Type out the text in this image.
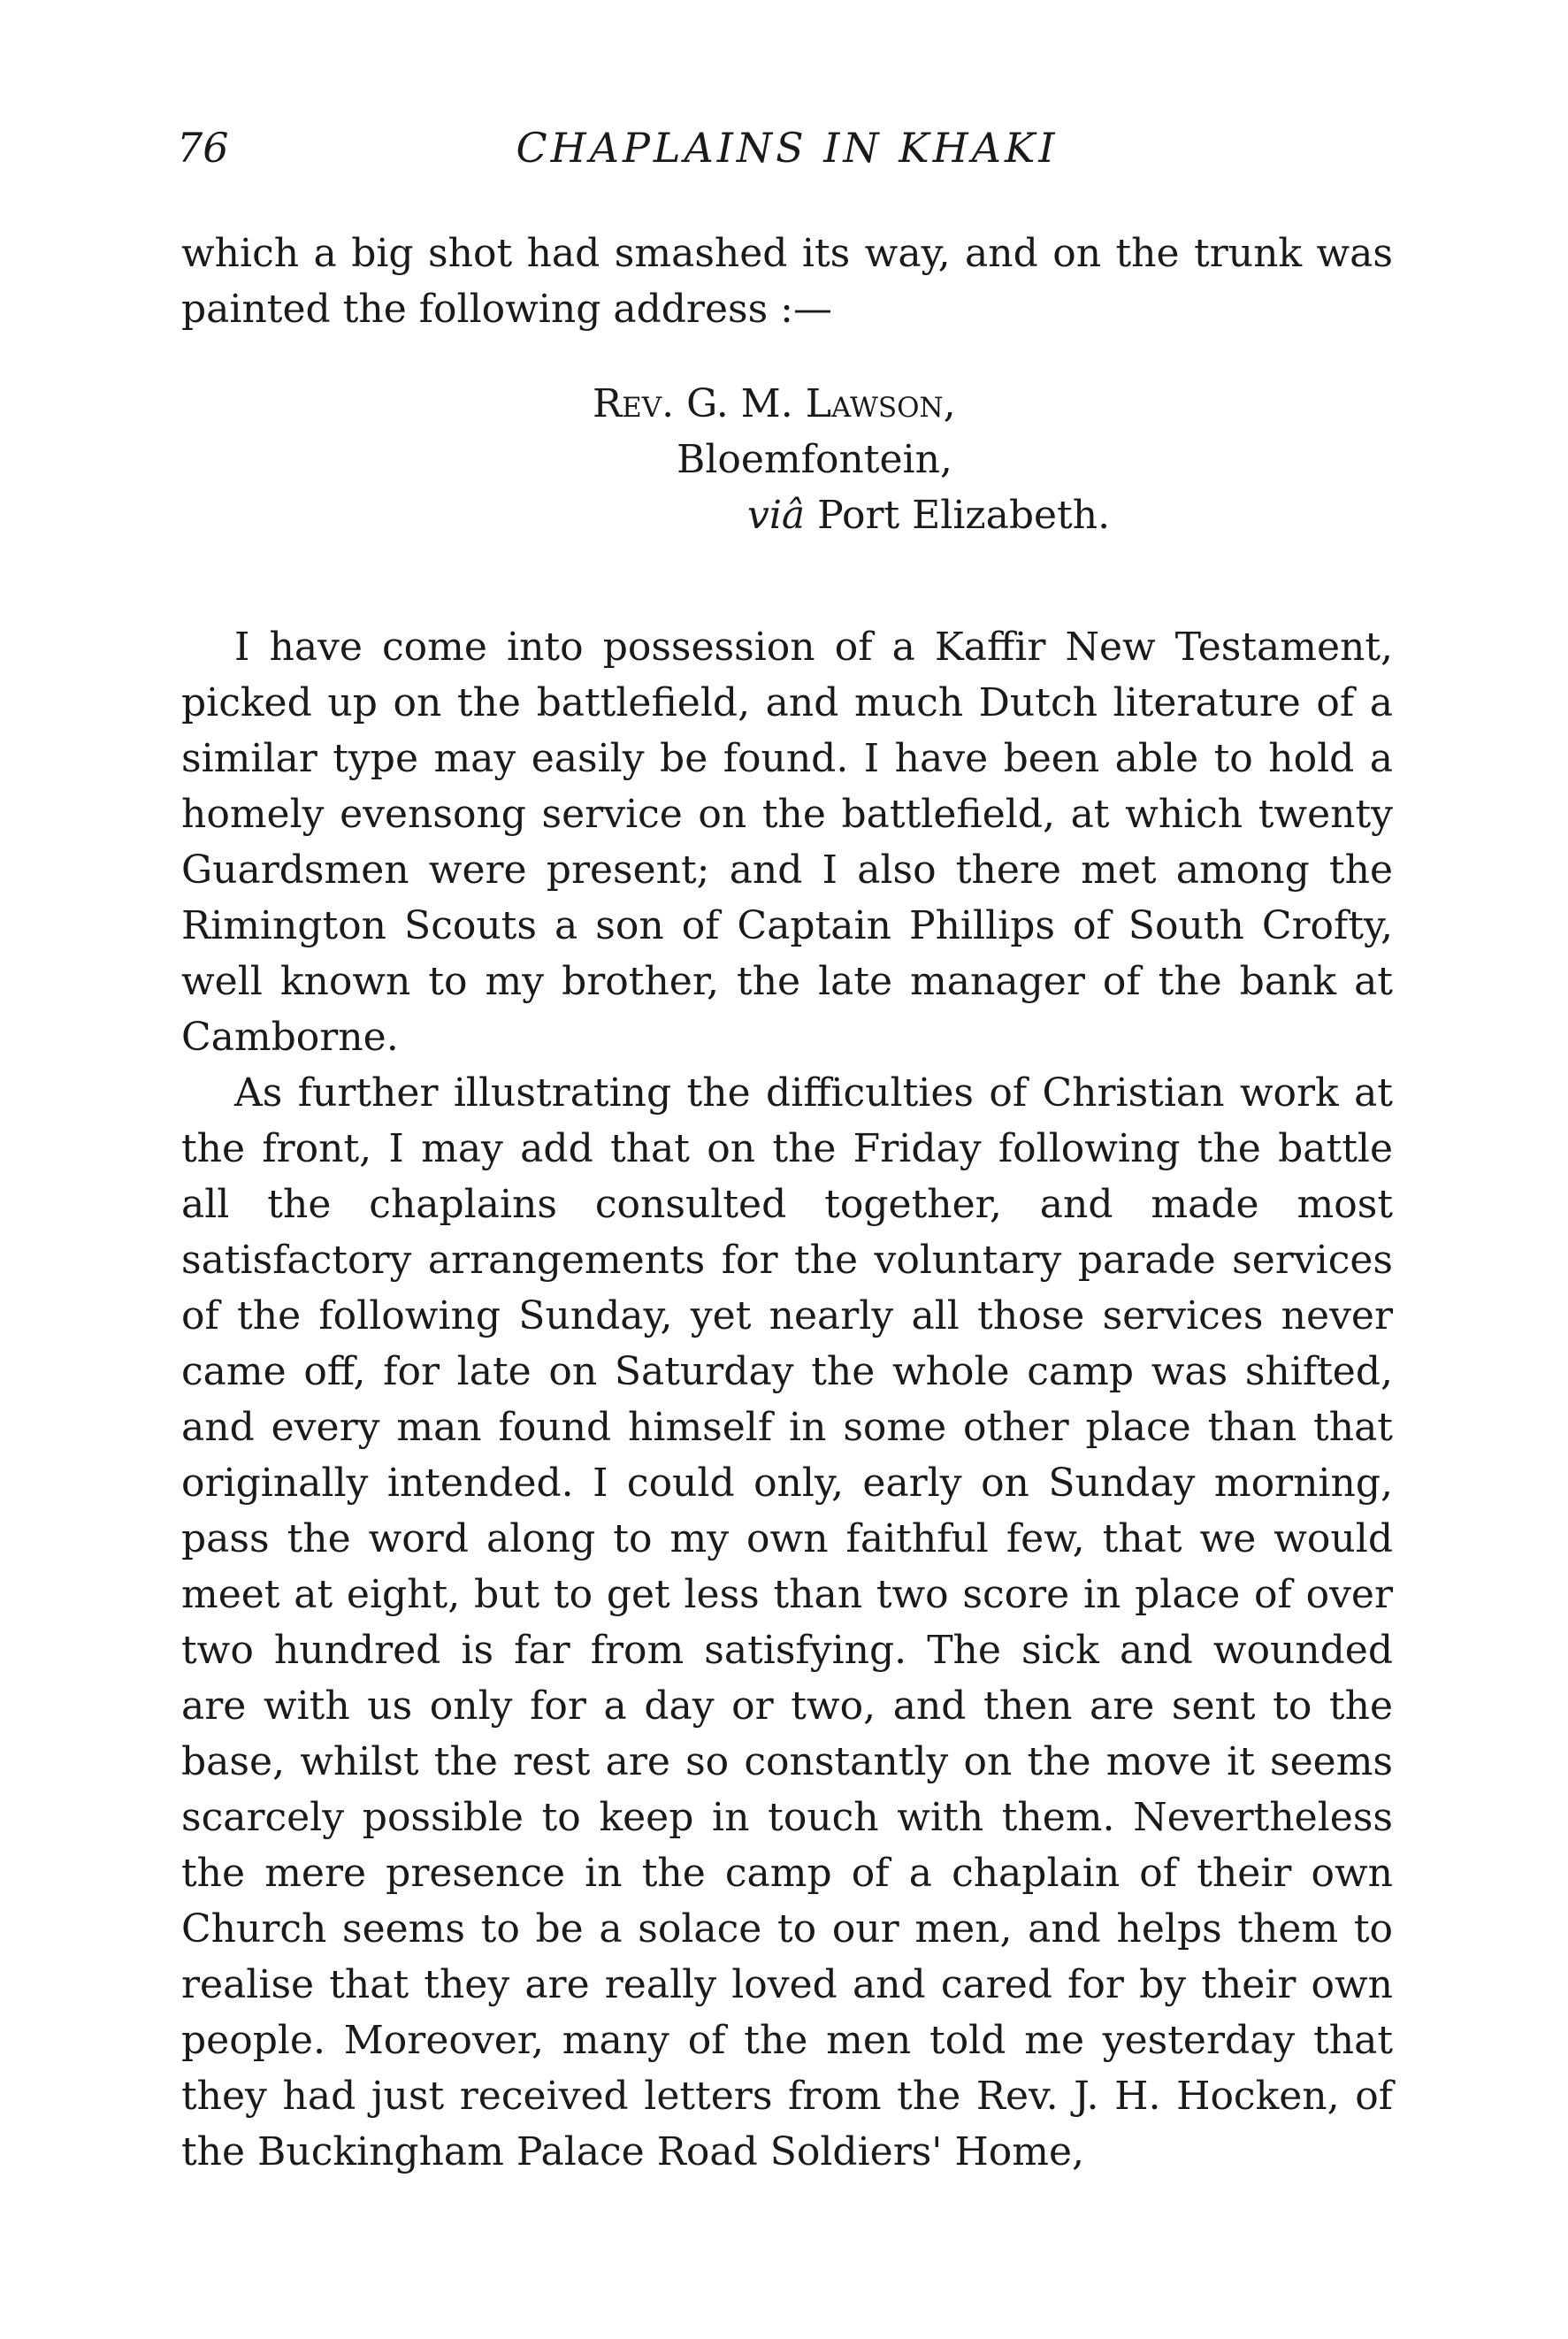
76	CHAPLAINS IN KHAKI

which a big shot had smashed its way, and on the trunk was painted the following address :—

Rev. G. M. Lawson,
Bloemfontein,
viâ Port Elizabeth.

I have come into possession of a Kaffir New Testament, picked up on the battlefield, and much Dutch literature of a similar type may easily be found. I have been able to hold a homely evensong service on the battlefield, at which twenty Guardsmen were present; and I also there met among the Rimington Scouts a son of Captain Phillips of South Crofty, well known to my brother, the late manager of the bank at Camborne.

As further illustrating the difficulties of Christian work at the front, I may add that on the Friday following the battle all the chaplains consulted together, and made most satisfactory arrangements for the voluntary parade services of the following Sunday, yet nearly all those services never came off, for late on Saturday the whole camp was shifted, and every man found himself in some other place than that originally intended. I could only, early on Sunday morning, pass the word along to my own faithful few, that we would meet at eight, but to get less than two score in place of over two hundred is far from satisfying. The sick and wounded are with us only for a day or two, and then are sent to the base, whilst the rest are so constantly on the move it seems scarcely possible to keep in touch with them. Nevertheless the mere presence in the camp of a chaplain of their own Church seems to be a solace to our men, and helps them to realise that they are really loved and cared for by their own people. Moreover, many of the men told me yesterday that they had just received letters from the Rev. J. H. Hocken, of the Buckingham Palace Road Soldiers' Home,
